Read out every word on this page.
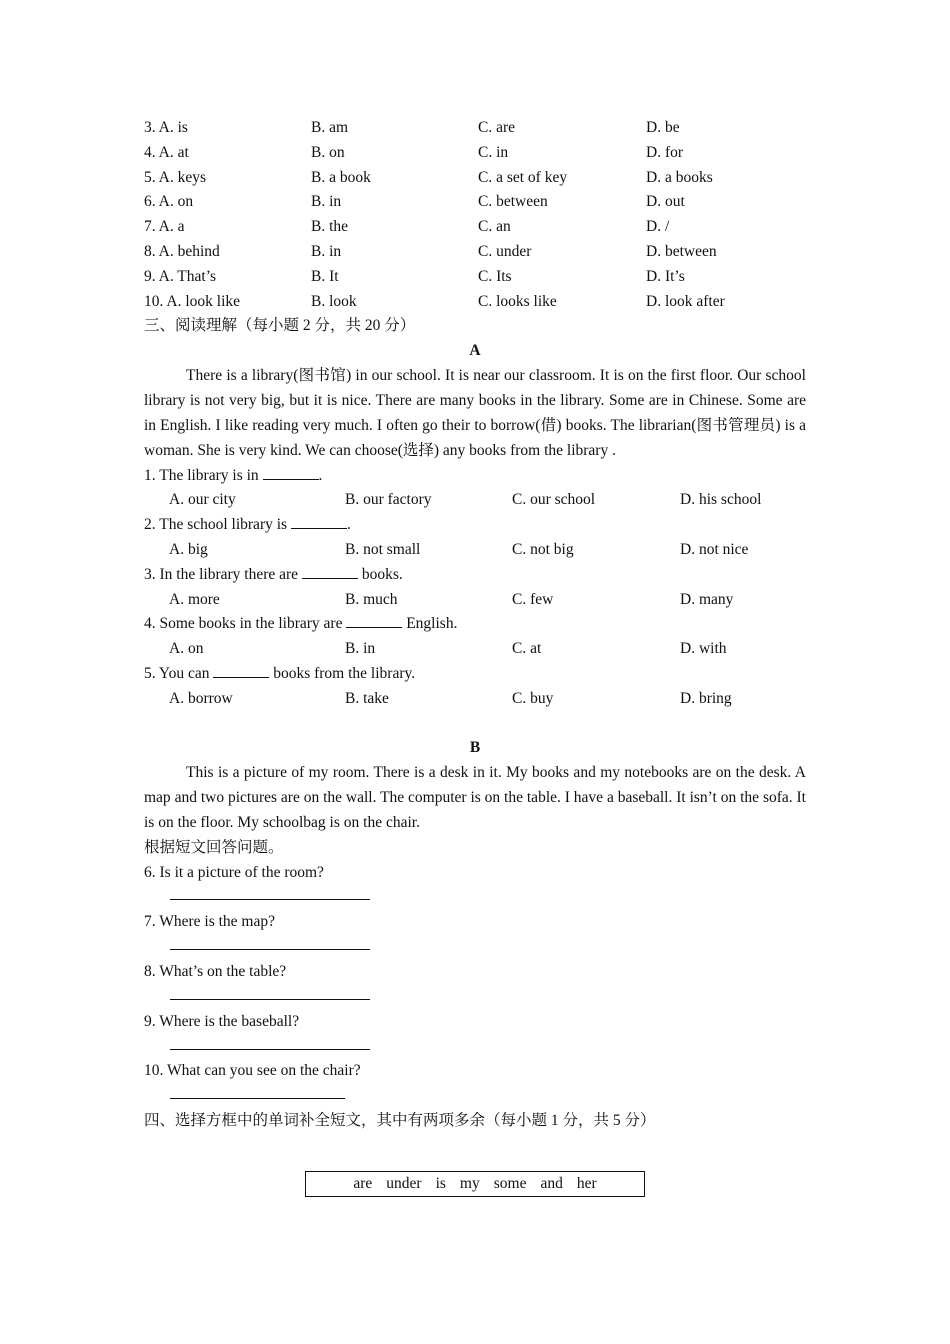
3. A. is	B. am	C. are	D. be
4. A. at	B. on	C. in	D. for
5. A. keys	B. a book	C. a set of key	D. a books
6. A. on	B. in	C. between	D. out
7. A. a	B. the	C. an	D. /
8. A. behind	B. in	C. under	D. between
9. A. That’s	B. It	C. Its	D. It’s
10. A. look like	B. look	C. looks like	D. look after
三、阅读理解（每小题 2 分，共 20 分）
A

There is a library(图书馆) in our school. It is near our classroom. It is on the first floor. Our school library is not very big, but it is nice. There are many books in the library. Some are in Chinese. Some are in English. I like reading very much. I often go their to borrow(借) books. The librarian(图书管理员) is a woman. She is very kind. We can choose(选择) any books from the library .

1. The library is in	.
A. our city	B. our factory	C. our school	D. his school
2. The school library is	.
A. big	B. not small	C. not big	D. not nice
3. In the library there are	books.
A. more	B. much	C. few	D. many
4. Some books in the library are	English.
A. on	B. in	C. at	D. with
5. You can	books from the library.
A. borrow	B. take	C. buy	D. bring
B

This is a picture of my room. There is a desk in it. My books and my notebooks are on the desk. A map and two pictures are on the wall. The computer is on the table. I have a baseball. It isn’t on the sofa. It is on the floor. My schoolbag is on the chair.

根据短文回答问题。
6. Is it a picture of the room?
7. Where is the map?
8. What’s on the table?
9. Where is the baseball?
10. What can you see on the chair?
四、选择方框中的单词补全短文，其中有两项多余（每小题 1 分，共 5 分）
are under is my some and her
